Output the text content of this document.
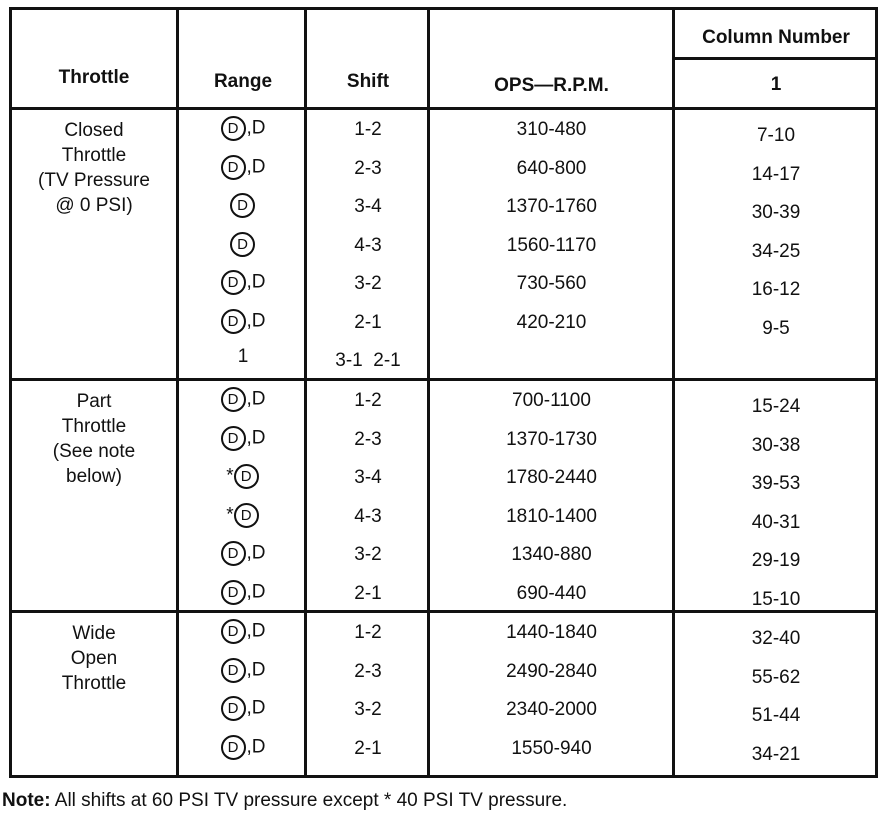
Throttle	Range	Shift	OPS—R.P.M.
Column Number
1
Closed
Throttle
(TV Pressure
@ 0 PSI)
D ,D	1-2	310-480	7-10
D ,D	2-3	640-800	14-17
D	3-4	1370-1760	30-39
D	4-3	1560-1170	34-25
D ,D	3-2	730-560	16-12
D ,D	2-1	420-210	9-5
1	3-1  2-1
Part
Throttle
(See note
below)
D ,D	1-2	700-1100	15-24
D ,D	2-3	1370-1730	30-38
* D	3-4	1780-2440	39-53
* D	4-3	1810-1400	40-31
D ,D	3-2	1340-880	29-19
D ,D	2-1	690-440	15-10
Wide
Open
Throttle
D ,D	1-2	1440-1840	32-40
D ,D	2-3	2490-2840	55-62
D ,D	3-2	2340-2000	51-44
D ,D	2-1	1550-940	34-21
Note: All shifts at 60 PSI TV pressure except * 40 PSI TV pressure.
